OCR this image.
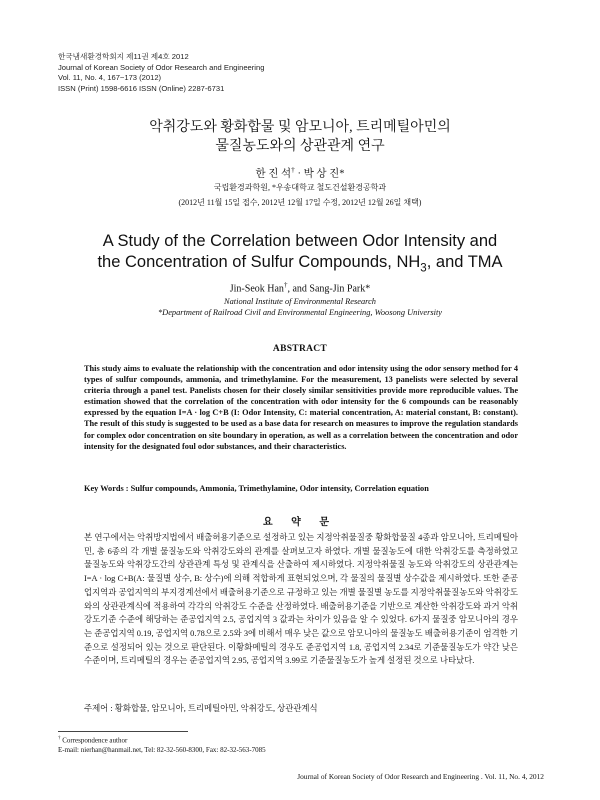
한국냄새환경학회지 제11권 제4호 2012
Journal of Korean Society of Odor Research and Engineering
Vol. 11, No. 4, 167~173 (2012)
ISSN (Print) 1598-6616 ISSN (Online) 2287-6731
악취강도와 황화합물 및 암모니아, 트리메틸아민의
물질농도와의 상관관계 연구
한 진 석† · 박 상 진*
국립환경과학원, *우송대학교 철도건설환경공학과
(2012년 11월 15일 접수, 2012년 12월 17일 수정, 2012년 12월 26일 채택)
A Study of the Correlation between Odor Intensity and
the Concentration of Sulfur Compounds, $NH_3$, and TMA
Jin-Seok Han†, and Sang-Jin Park*
National Institute of Environmental Research
*Department of Railroad Civil and Environmental Engineering, Woosong University
ABSTRACT
This study aims to evaluate the relationship with the concentration and odor intensity using the odor sensory method for 4 types of sulfur compounds, ammonia, and trimethylamine. For the measurement, 13 panelists were selected by several criteria through a panel test. Panelists chosen for their closely similar sensitivities provide more reproducible values. The estimation showed that the correlation of the concentration with odor intensity for the 6 compounds can be reasonably expressed by the equation I=A · log C+B (I: Odor Intensity, C: material concentration, A: material constant, B: constant). The result of this study is suggested to be used as a base data for research on measures to improve the regulation standards for complex odor concentration on site boundary in operation, as well as a correlation between the concentration and odor intensity for the designated foul odor substances, and their characteristics.
Key Words : Sulfur compounds, Ammonia, Trimethylamine, Odor intensity, Correlation equation
요 약 문
본 연구에서는 악취방지법에서 배출허용기준으로 설정하고 있는 지정악취물질중 황화합물질 4종과 암모니아, 트리메틸아민, 총 6종의 각 개별 물질농도와 악취강도와의 관계를 살펴보고자 하였다. 개별 물질농도에 대한 악취강도를 측정하였고 물질농도와 악취강도간의 상관관계 특성 및 관계식을 산출하여 제시하였다. 지정악취물질 농도와 악취강도의 상관관계는 I=A · log C+B(A: 물질별 상수, B: 상수)에 의해 적합하게 표현되었으며, 각 물질의 물질별 상수값을 제시하였다. 또한 준공업지역과 공업지역의 부지경계선에서 배출허용기준으로 규정하고 있는 개별 물질별 농도를 지정악취물질농도와 악취강도와의 상관관계식에 적용하여 각각의 악취강도 수준을 산정하였다. 배출허용기준을 기반으로 계산한 악취강도와 과거 악취강도기준 수준에 해당하는 준공업지역 2.5, 공업지역 3 값과는 차이가 있음을 알 수 있었다. 6가지 물질중 암모니아의 경우는 준공업지역 0.19, 공업지역 0.78으로 2.5와 3에 비해서 매우 낮은 값으로 암모니아의 물질농도 배출허용기준이 엄격한 기준으로 설정되어 있는 것으로 판단된다. 이황화메틸의 경우도 준공업지역 1.8, 공업지역 2.34로 기준물질농도가 약간 낮은 수준이며, 트리메틸의 경우는 준공업지역 2.95, 공업지역 3.99로 기준물질농도가 높게 설정된 것으로 나타났다.
주제어 : 황화합물, 암모니아, 트리메틸아민, 악취강도, 상관관계식
† Correspondence author
E-mail: nierhan@hanmail.net, Tel: 82-32-560-8300, Fax: 82-32-563-7085
Journal of Korean Society of Odor Research and Engineering . Vol. 11, No. 4, 2012
